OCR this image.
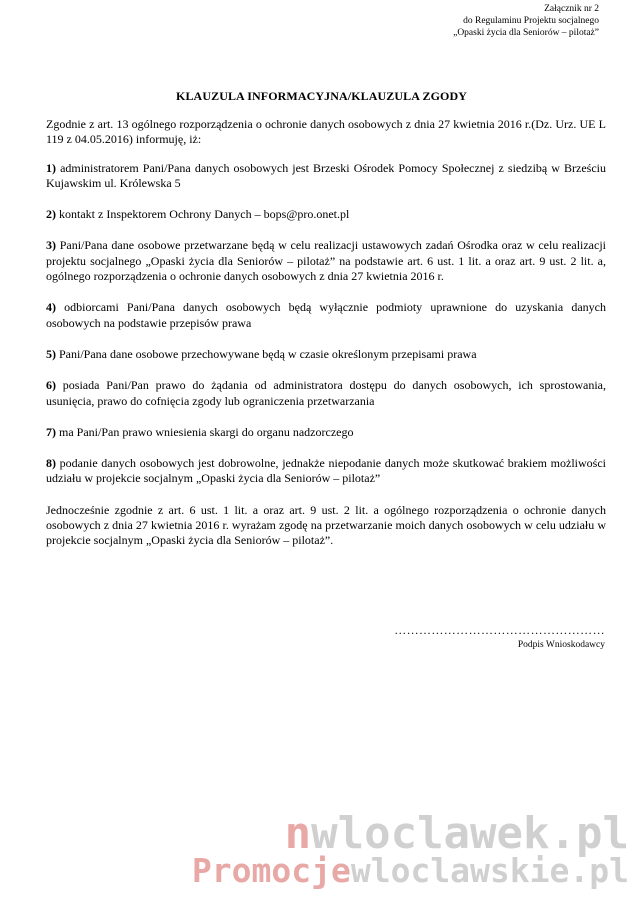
Załącznik nr 2
do Regulaminu Projektu socjalnego
„Opaski życia dla Seniorów – pilotaż”
KLAUZULA INFORMACYJNA/KLAUZULA ZGODY

Zgodnie z art. 13 ogólnego rozporządzenia o ochronie danych osobowych z dnia 27 kwietnia 2016 r.(Dz. Urz. UE L 119 z 04.05.2016) informuję, iż:

1) administratorem Pani/Pana danych osobowych jest Brzeski Ośrodek Pomocy Społecznej z siedzibą w Brześciu Kujawskim ul. Królewska 5

2) kontakt z Inspektorem Ochrony Danych – bops@pro.onet.pl

3) Pani/Pana dane osobowe przetwarzane będą w celu realizacji ustawowych zadań Ośrodka oraz w celu realizacji projektu socjalnego „Opaski życia dla Seniorów – pilotaż” na podstawie art. 6 ust. 1 lit. a oraz art. 9 ust. 2 lit. a, ogólnego rozporządzenia o ochronie danych osobowych z dnia 27 kwietnia 2016 r.

4) odbiorcami Pani/Pana danych osobowych będą wyłącznie podmioty uprawnione do uzyskania danych osobowych na podstawie przepisów prawa

5) Pani/Pana dane osobowe przechowywane będą w czasie określonym przepisami prawa

6) posiada Pani/Pan prawo do żądania od administratora dostępu do danych osobowych, ich sprostowania, usunięcia, prawo do cofnięcia zgody lub ograniczenia przetwarzania

7) ma Pani/Pan prawo wniesienia skargi do organu nadzorczego

8) podanie danych osobowych jest dobrowolne, jednakże niepodanie danych może skutkować brakiem możliwości udziału w projekcie socjalnym „Opaski życia dla Seniorów – pilotaż”

Jednocześnie zgodnie z art. 6 ust. 1 lit. a oraz art. 9 ust. 2 lit. a ogólnego rozporządzenia o ochronie danych osobowych z dnia 27 kwietnia 2016 r. wyrażam zgodę na przetwarzanie moich danych osobowych w celu udziału w projekcie socjalnym „Opaski życia dla Seniorów – pilotaż”.

……………………………………………
Podpis Wnioskodawcy
nwloclawek.pl
Promocjewloclawskie.pl
